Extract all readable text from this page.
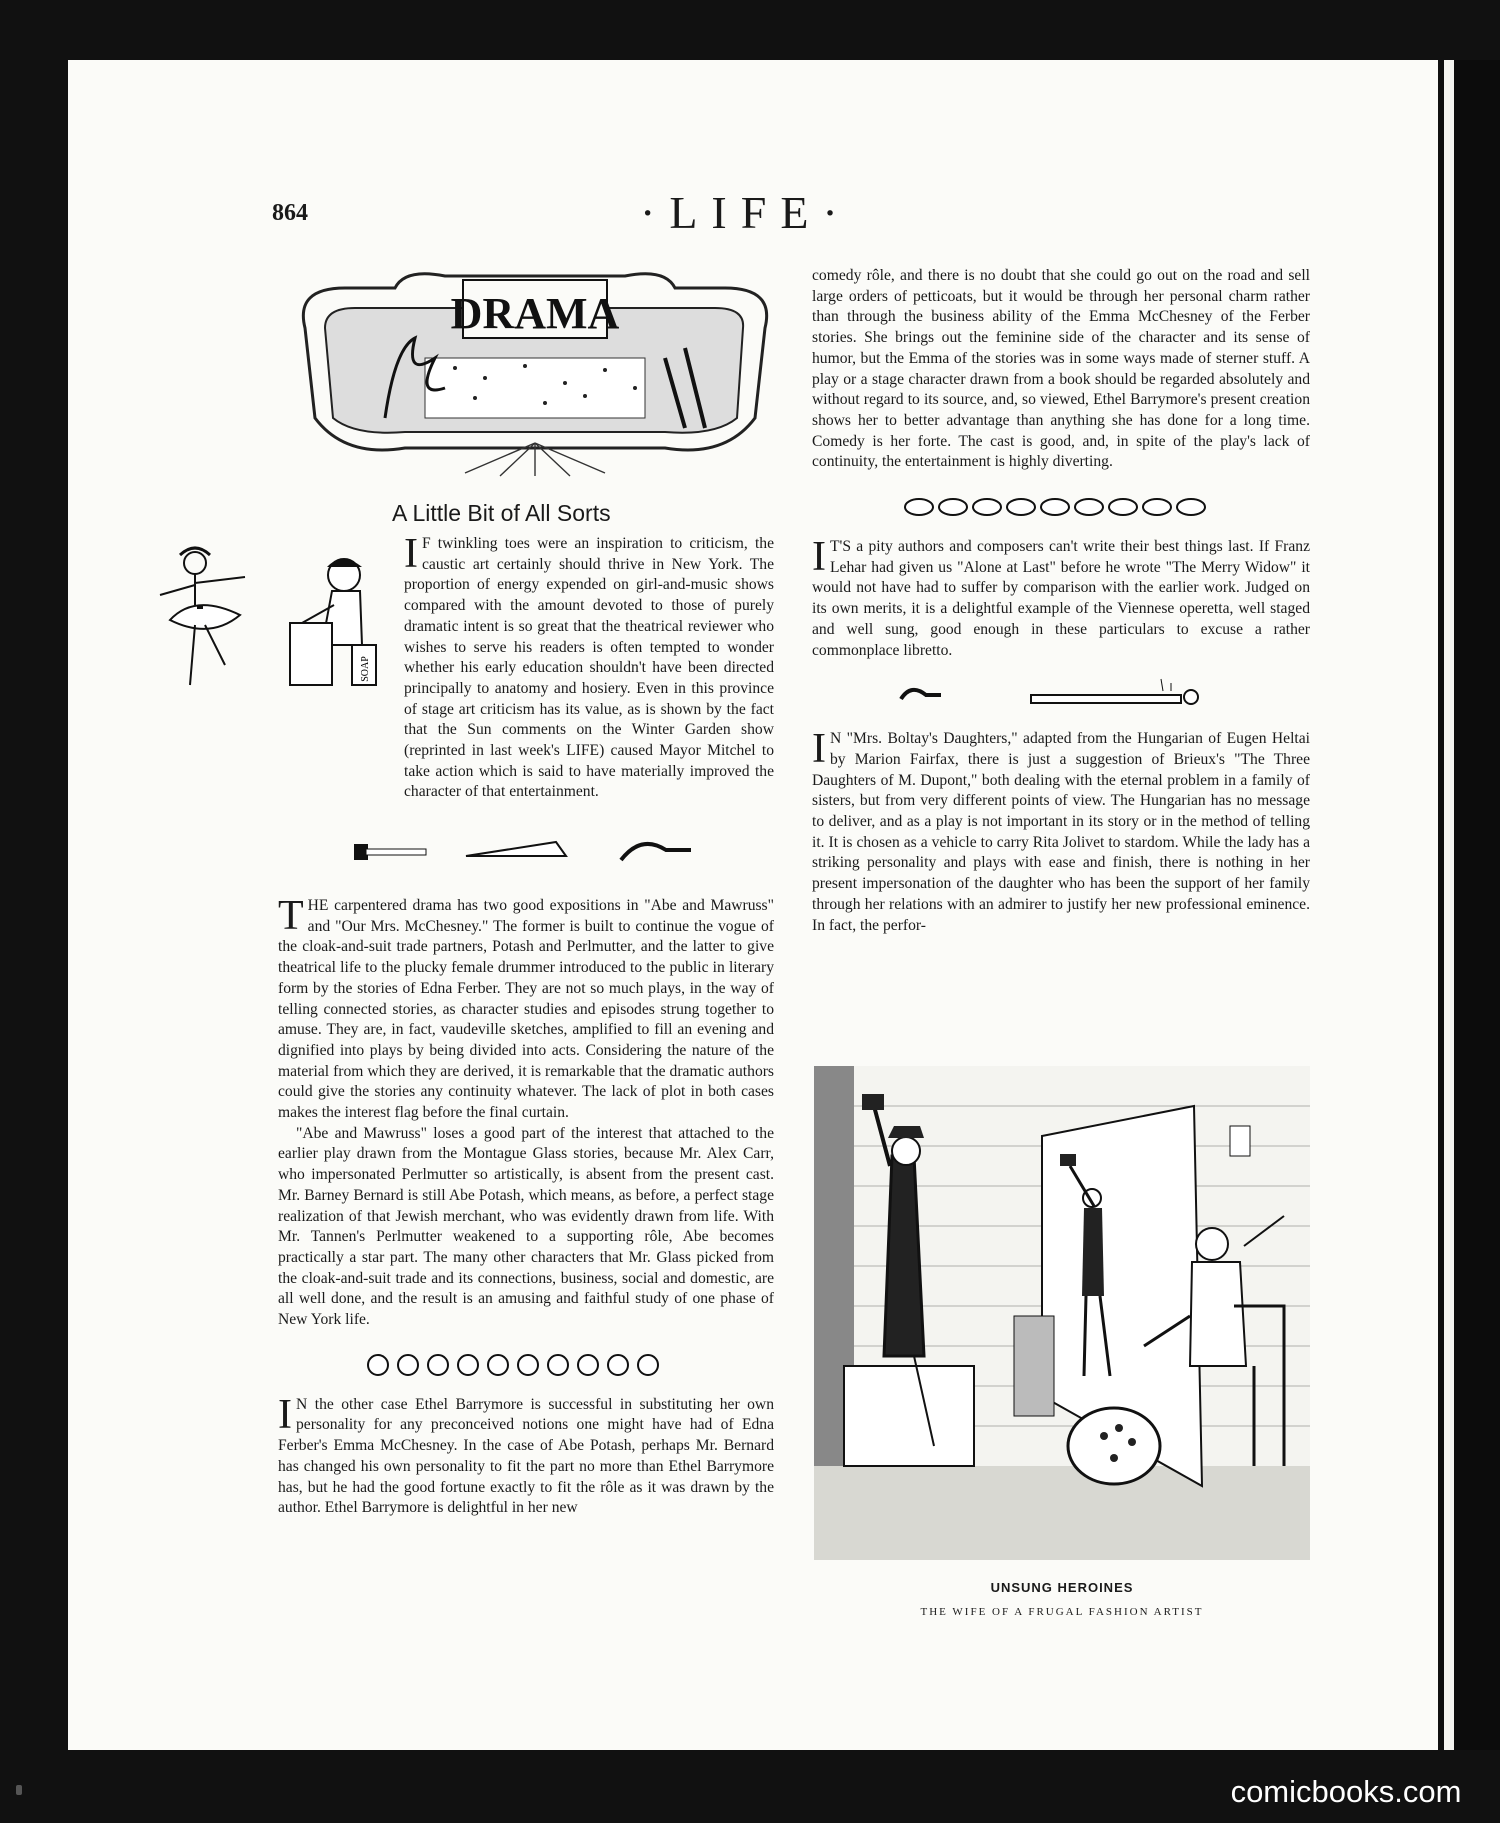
864	·LIFE·
DRAMA
A Little Bit of All Sorts
SOAP

I F twinkling toes were an inspiration to criticism, the caustic art certainly should thrive in New York. The proportion of energy expended on girl-and-music shows compared with the amount devoted to those of purely dramatic intent is so great that the theatrical reviewer who wishes to serve his readers is often tempted to wonder whether his early education shouldn't have been directed principally to anatomy and hosiery. Even in this province of stage art criticism has its value, as is shown by the fact that the Sun comments on the Winter Garden show (reprinted in last week's LIFE) caused Mayor Mitchel to take action which is said to have materially improved the character of that entertainment.

THE carpentered drama has two good expositions in "Abe and Mawruss" and "Our Mrs. McChesney." The former is built to continue the vogue of the cloak-and-suit trade partners, Potash and Perlmutter, and the latter to give theatrical life to the plucky female drummer introduced to the public in literary form by the stories of Edna Ferber. They are not so much plays, in the way of telling connected stories, as character studies and episodes strung together to amuse. They are, in fact, vaudeville sketches, amplified to fill an evening and dignified into plays by being divided into acts. Considering the nature of the material from which they are derived, it is remarkable that the dramatic authors could give the stories any continuity whatever. The lack of plot in both cases makes the interest flag before the final curtain.

"Abe and Mawruss" loses a good part of the interest that attached to the earlier play drawn from the Montague Glass stories, because Mr. Alex Carr, who impersonated Perlmutter so artistically, is absent from the present cast. Mr. Barney Bernard is still Abe Potash, which means, as before, a perfect stage realization of that Jewish merchant, who was evidently drawn from life. With Mr. Tannen's Perlmutter weakened to a supporting rôle, Abe becomes practically a star part. The many other characters that Mr. Glass picked from the cloak-and-suit trade and its connections, business, social and domestic, are all well done, and the result is an amusing and faithful study of one phase of New York life.

I N the other case Ethel Barrymore is successful in substituting her own personality for any preconceived notions one might have had of Edna Ferber's Emma McChesney. In the case of Abe Potash, perhaps Mr. Bernard has changed his own personality to fit the part no more than Ethel Barrymore has, but he had the good fortune exactly to fit the rôle as it was drawn by the author. Ethel Barrymore is delightful in her new

comedy rôle, and there is no doubt that she could go out on the road and sell large orders of petticoats, but it would be through her personal charm rather than through the business ability of the Emma McChesney of the Ferber stories. She brings out the feminine side of the character and its sense of humor, but the Emma of the stories was in some ways made of sterner stuff. A play or a stage character drawn from a book should be regarded absolutely and without regard to its source, and, so viewed, Ethel Barrymore's present creation shows her to better advantage than anything she has done for a long time. Comedy is her forte. The cast is good, and, in spite of the play's lack of continuity, the entertainment is highly diverting.

I T'S a pity authors and composers can't write their best things last. If Franz Lehar had given us "Alone at Last" before he wrote "The Merry Widow" it would not have had to suffer by comparison with the earlier work. Judged on its own merits, it is a delightful example of the Viennese operetta, well staged and well sung, good enough in these particulars to excuse a rather commonplace libretto.

I N "Mrs. Boltay's Daughters," adapted from the Hungarian of Eugen Heltai by Marion Fairfax, there is just a suggestion of Brieux's "The Three Daughters of M. Dupont," both dealing with the eternal problem in a family of sisters, but from very different points of view. The Hungarian has no message to deliver, and as a play is not important in its story or in the method of telling it. It is chosen as a vehicle to carry Rita Jolivet to stardom. While the lady has a striking personality and plays with ease and finish, there is nothing in her present impersonation of the daughter who has been the support of her family through her relations with an admirer to justify her new professional eminence. In fact, the perfor-

UNSUNG HEROINES
THE WIFE OF A FRUGAL FASHION ARTIST
comicbooks.com
